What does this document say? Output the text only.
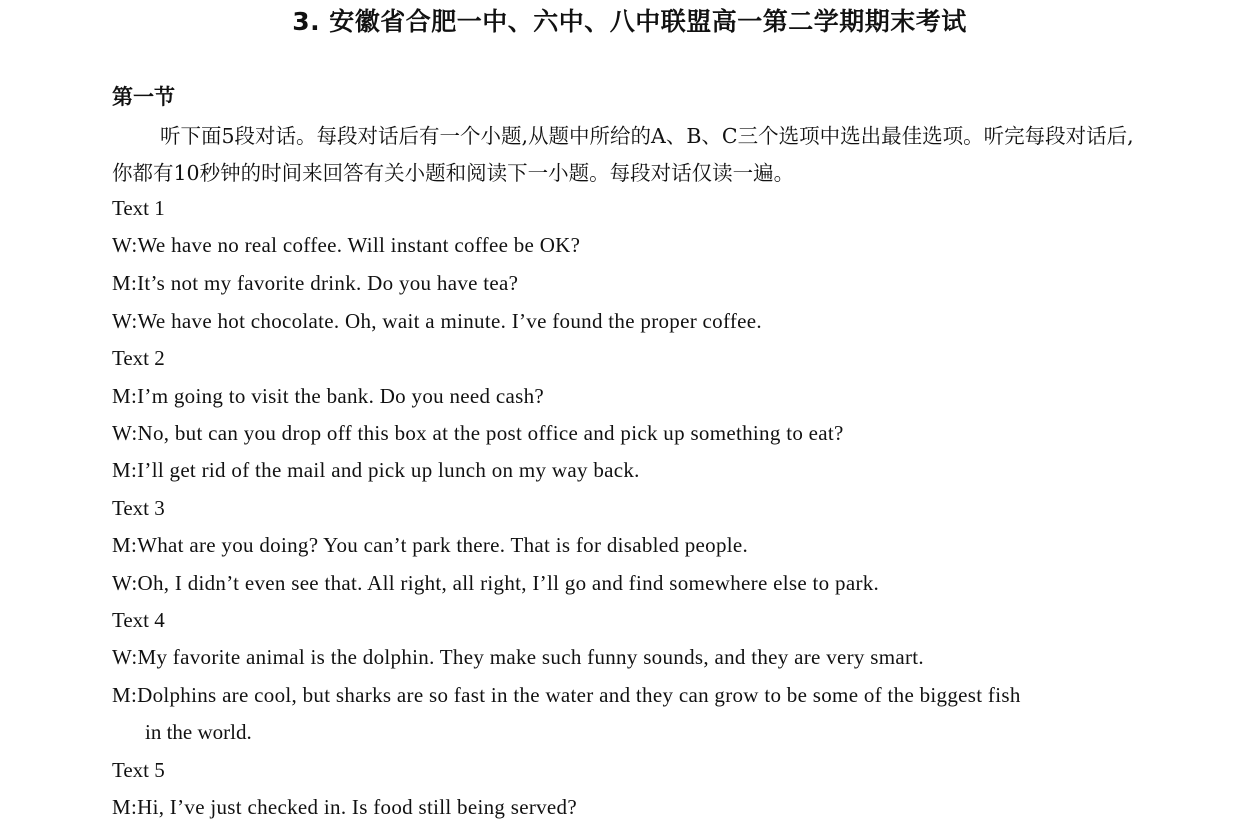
3. 安徽省合肥一中、六中、八中联盟高一第二学期期末考试
第一节

听下面5段对话。每段对话后有一个小题,从题中所给的A、B、C三个选项中选出最佳选项。听完每段对话后,你都有10秒钟的时间来回答有关小题和阅读下一小题。每段对话仅读一遍。

Text 1
W:We have no real coffee. Will instant coffee be OK?
M:It’s not my favorite drink. Do you have tea?
W:We have hot chocolate. Oh, wait a minute. I’ve found the proper coffee.
Text 2
M:I’m going to visit the bank. Do you need cash?
W:No, but can you drop off this box at the post office and pick up something to eat?
M:I’ll get rid of the mail and pick up lunch on my way back.
Text 3
M:What are you doing? You can’t park there. That is for disabled people.
W:Oh, I didn’t even see that. All right, all right, I’ll go and find somewhere else to park.
Text 4
W:My favorite animal is the dolphin. They make such funny sounds, and they are very smart.
M:Dolphins are cool, but sharks are so fast in the water and they can grow to be some of the biggest fish
in the world.
Text 5
M:Hi, I’ve just checked in. Is food still being served?
